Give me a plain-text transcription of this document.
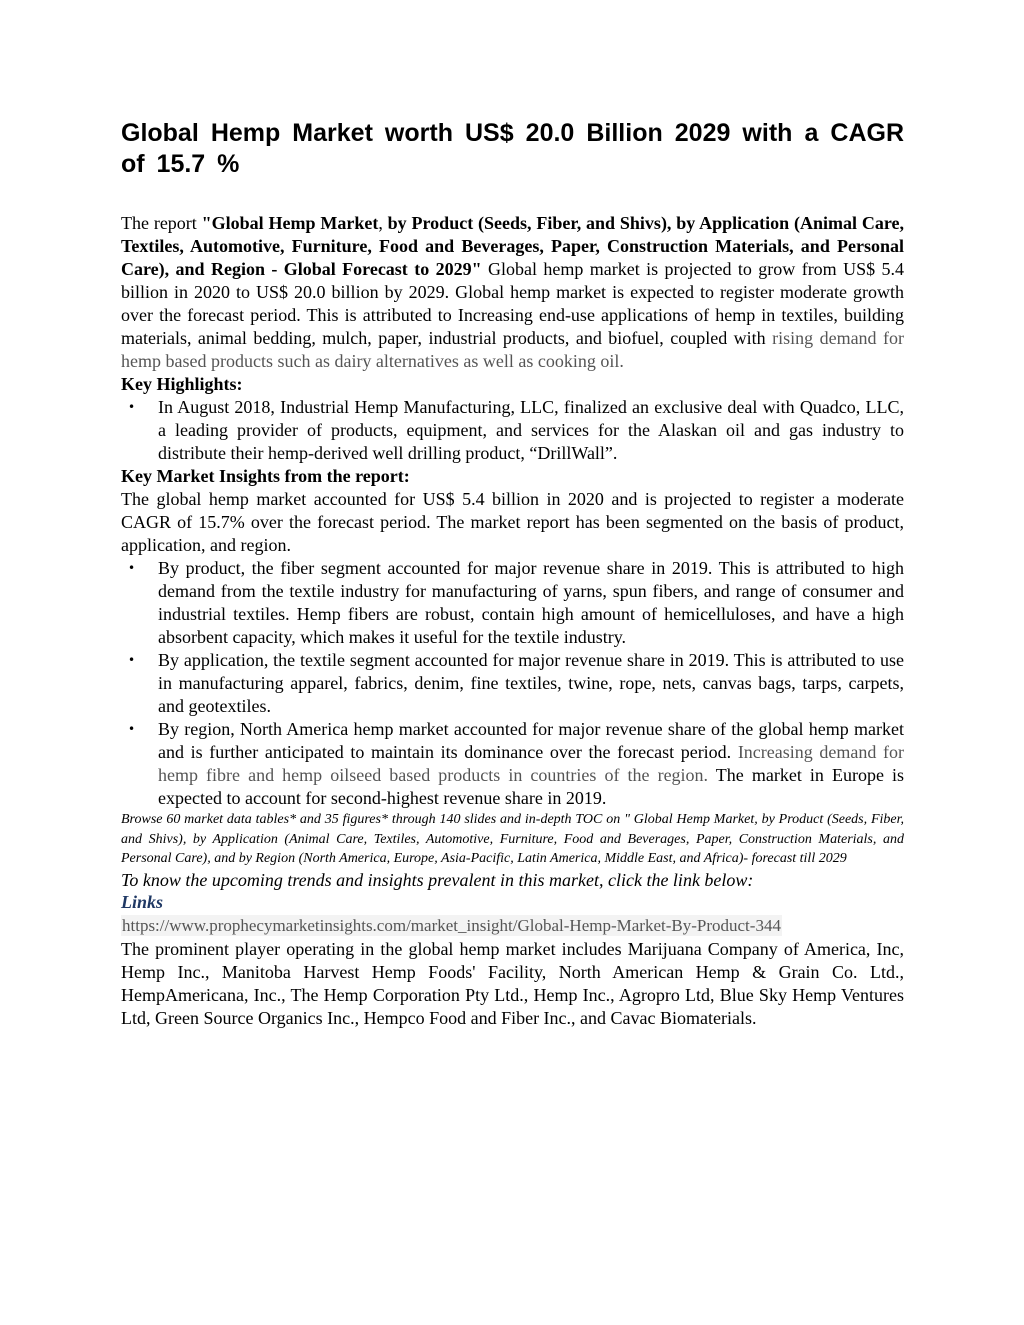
Global Hemp Market worth US$ 20.0 Billion 2029 with a CAGR of 15.7 %

The report "Global Hemp Market, by Product (Seeds, Fiber, and Shivs), by Application (Animal Care, Textiles, Automotive, Furniture, Food and Beverages, Paper, Construction Materials, and Personal Care), and Region - Global Forecast to 2029" Global hemp market is projected to grow from US$ 5.4 billion in 2020 to US$ 20.0 billion by 2029. Global hemp market is expected to register moderate growth over the forecast period. This is attributed to Increasing end-use applications of hemp in textiles, building materials, animal bedding, mulch, paper, industrial products, and biofuel, coupled with rising demand for hemp based products such as dairy alternatives as well as cooking oil.

Key Highlights:

• In August 2018, Industrial Hemp Manufacturing, LLC, finalized an exclusive deal with Quadco, LLC, a leading provider of products, equipment, and services for the Alaskan oil and gas industry to distribute their hemp-derived well drilling product, “DrillWall”.

Key Market Insights from the report:

The global hemp market accounted for US$ 5.4 billion in 2020 and is projected to register a moderate CAGR of 15.7% over the forecast period. The market report has been segmented on the basis of product, application, and region.

• By product, the fiber segment accounted for major revenue share in 2019. This is attributed to high demand from the textile industry for manufacturing of yarns, spun fibers, and range of consumer and industrial textiles. Hemp fibers are robust, contain high amount of hemicelluloses, and have a high absorbent capacity, which makes it useful for the textile industry.
• By application, the textile segment accounted for major revenue share in 2019. This is attributed to use in manufacturing apparel, fabrics, denim, fine textiles, twine, rope, nets, canvas bags, tarps, carpets, and geotextiles.
• By region, North America hemp market accounted for major revenue share of the global hemp market and is further anticipated to maintain its dominance over the forecast period. Increasing demand for hemp fibre and hemp oilseed based products in countries of the region. The market in Europe is expected to account for second-highest revenue share in 2019.

Browse 60 market data tables* and 35 figures* through 140 slides and in-depth TOC on " Global Hemp Market, by Product (Seeds, Fiber, and Shivs), by Application (Animal Care, Textiles, Automotive, Furniture, Food and Beverages, Paper, Construction Materials, and Personal Care), and by Region (North America, Europe, Asia-Pacific, Latin America, Middle East, and Africa)- forecast till 2029

To know the upcoming trends and insights prevalent in this market, click the link below:

Links

https://www.prophecymarketinsights.com/market_insight/Global-Hemp-Market-By-Product-344

The prominent player operating in the global hemp market includes Marijuana Company of America, Inc, Hemp Inc., Manitoba Harvest Hemp Foods' Facility, North American Hemp & Grain Co. Ltd., HempAmericana, Inc., The Hemp Corporation Pty Ltd., Hemp Inc., Agropro Ltd, Blue Sky Hemp Ventures Ltd, Green Source Organics Inc., Hempco Food and Fiber Inc., and Cavac Biomaterials.
